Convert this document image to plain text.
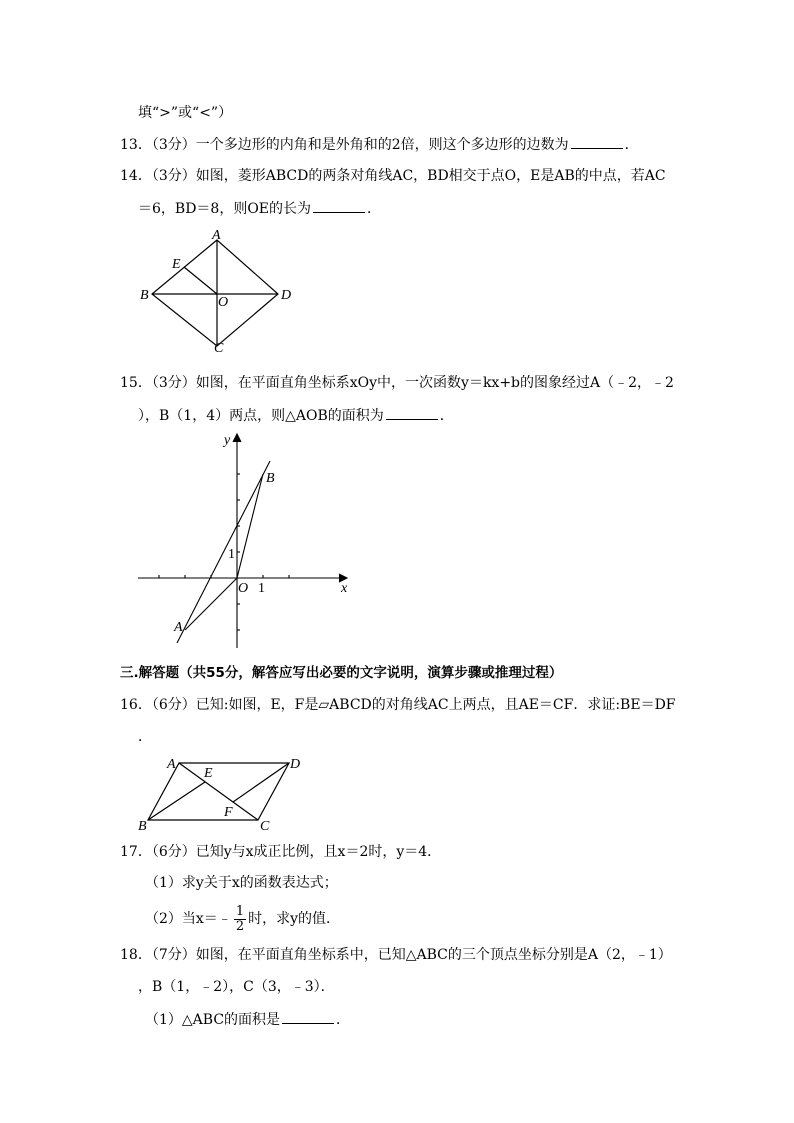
填“>”或“<”）
13．（3分）一个多边形的内角和是外角和的2倍，则这个多边形的边数为	．
14．（3分）如图，菱形ABCD的两条对角线AC，BD相交于点O，E是AB的中点，若AC
＝6，BD＝8，则OE的长为	．
A
E
B	O	D
C
15．（3分）如图，在平面直角坐标系xOy中，一次函数y＝kx+b的图象经过A（﹣2，﹣2
），B（1，4）两点，则△AOB的面积为	．
y
B
1
O 1	x
A
三.解答题（共55分，解答应写出必要的文字说明，演算步骤或推理过程）
16．（6分）已知:如图，E，F是▱ABCD的对角线AC上两点，且AE＝CF．求证:BE＝DF
．
A
E
D
F
B	C
17．（6分）已知y与x成正比例，且x＝2时，y＝4．
（1）求y关于x的函数表达式；
（2）当x＝﹣ $\frac{1}{2}$ 时，求y的值．
18．（7分）如图，在平面直角坐标系中，已知△ABC的三个顶点坐标分别是A（2，﹣1）
，B（1，﹣2），C（3，﹣3）．
（1）△ABC的面积是	．
